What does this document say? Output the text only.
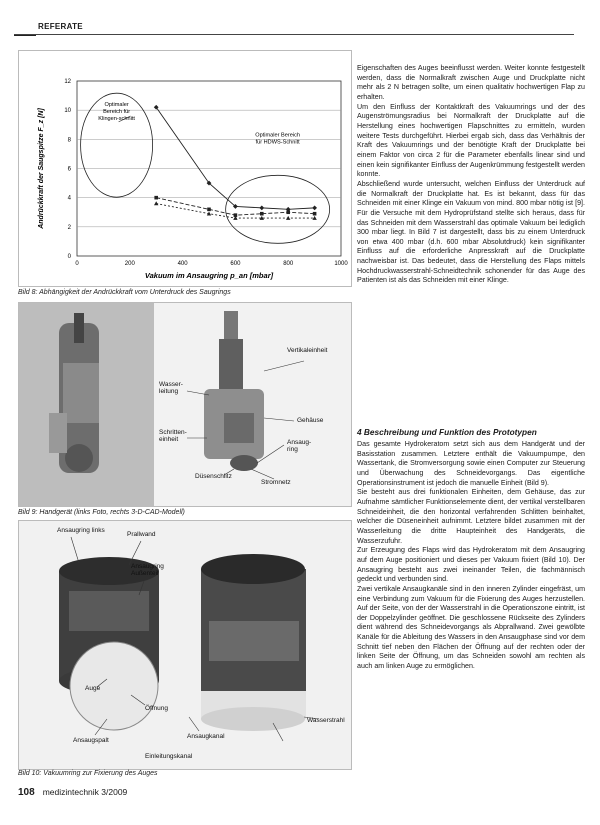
REFERATE
0
2
4
6
8
10
12
0	200	400	600	800	1000
Vakuum im Ansaugring p_an [mbar]
Andrückkraft der Saugspitze F_z [N]
Optimaler Bereich für Klingen-schnitt
Optimaler Bereich für HDWS-Schnitt
Bild 8: Abhängigkeit der Andrückkraft vom Unterdruck des Saugrings
Vertikaleinheit
Wasser-leitung
Gehäuse
Schritten-einheit	Ansaug-ring
Düsenschlitz
Stromnetz
Bild 9: Handgerät (links Foto, rechts 3-D-CAD-Modell)
Ansaugring links
Prallwand
Ansaugring Außenteil
Auge
Öffnung
Ansaugspalt
Ansaugkanal
Wasserstrahl
Einleitungskanal
Bild 10: Vakuumring zur Fixierung des Auges

Eigenschaften des Auges beeinflusst werden. Weiter konnte festgestellt werden, dass die Normalkraft zwischen Auge und Druckplatte nicht mehr als 2 N betragen sollte, um einen qualitativ hochwertigen Flap zu erhalten.

Um den Einfluss der Kontaktkraft des Vakuumrings und der des Augenströmungsradius bei Normalkraft der Druckplatte auf die Herstellung eines hochwertigen Flapschnittes zu ermitteln, wurden weitere Tests durchgeführt. Hierbei ergab sich, dass das Verhältnis der Kraft des Vakuumrings und der benötigte Kraft der Druckplatte bei einem Faktor von circa 2 für die Parameter ebenfalls linear sind und einen kein signifikanter Einfluss der Augenkrümmung festgestellt werden konnte.

Abschließend wurde untersucht, welchen Einfluss der Unterdruck auf die Normalkraft der Druckplatte hat. Es ist bekannt, dass für das Schneiden mit einer Klinge ein Vakuum von mind. 800 mbar nötig ist [9]. Für die Versuche mit dem Hydroprüfstand stellte sich heraus, dass für das Schneiden mit dem Wasserstrahl das optimale Vakuum bei lediglich 300 mbar liegt. In Bild 7 ist dargestellt, dass bis zu einem Unterdruck von etwa 400 mbar (d.h. 600 mbar Absolutdruck) kein signifikanter Einfluss auf die erforderliche Anpresskraft auf die Druckplatte nachweisbar ist. Das bedeutet, dass die Herstellung des Flaps mittels Hochdruckwasserstrahl-Schneidtechnik schonender für das Auge des Patienten ist als das Schneiden mit einer Klinge.

4 Beschreibung und Funktion des Prototypen

Das gesamte Hydrokeratom setzt sich aus dem Handgerät und der Basisstation zusammen. Letztere enthält die Vakuumpumpe, den Wassertank, die Stromversorgung sowie einen Computer zur Steuerung und Überwachung des Schneidevorgangs. Das eigentliche Operationsinstrument ist jedoch die manuelle Einheit (Bild 9).

Sie besteht aus drei funktionalen Einheiten, dem Gehäuse, das zur Aufnahme sämtlicher Funktionselemente dient, der vertikal verstellbaren Schneideinheit, die den horizontal verfahrenden Schlitten beinhaltet, welcher die Düseneinheit aufnimmt. Letztere bildet zusammen mit der Wasserleitung die dritte Haupteinheit des Handgeräts, die Wasserzufuhr.

Zur Erzeugung des Flaps wird das Hydrokeratom mit dem Ansaugring auf dem Auge positioniert und dieses per Vakuum fixiert (Bild 10). Der Ansaugring besteht aus zwei ineinander Teilen, die fachmännisch gedeckt und verbunden sind.

Zwei vertikale Ansaugkanäle sind in den inneren Zylinder eingefräst, um eine Verbindung zum Vakuum für die Fixierung des Auges herzustellen. Auf der Seite, von der der Wasserstrahl in die Operationszone eintritt, ist der Doppelzylinder geöffnet. Die geschlossene Rückseite des Zylinders dient während des Schneidevorgangs als Abprallwand. Zwei gewölbte Kanäle für die Ableitung des Wassers in den Ansaugphase sind vor dem Schnitt tief neben den Flächen der Öffnung auf der rechten oder der linken Seite der Öffnung, um das Schneiden sowohl am rechten als auch am linken Auge zu ermöglichen.

108 medizintechnik 3/2009
